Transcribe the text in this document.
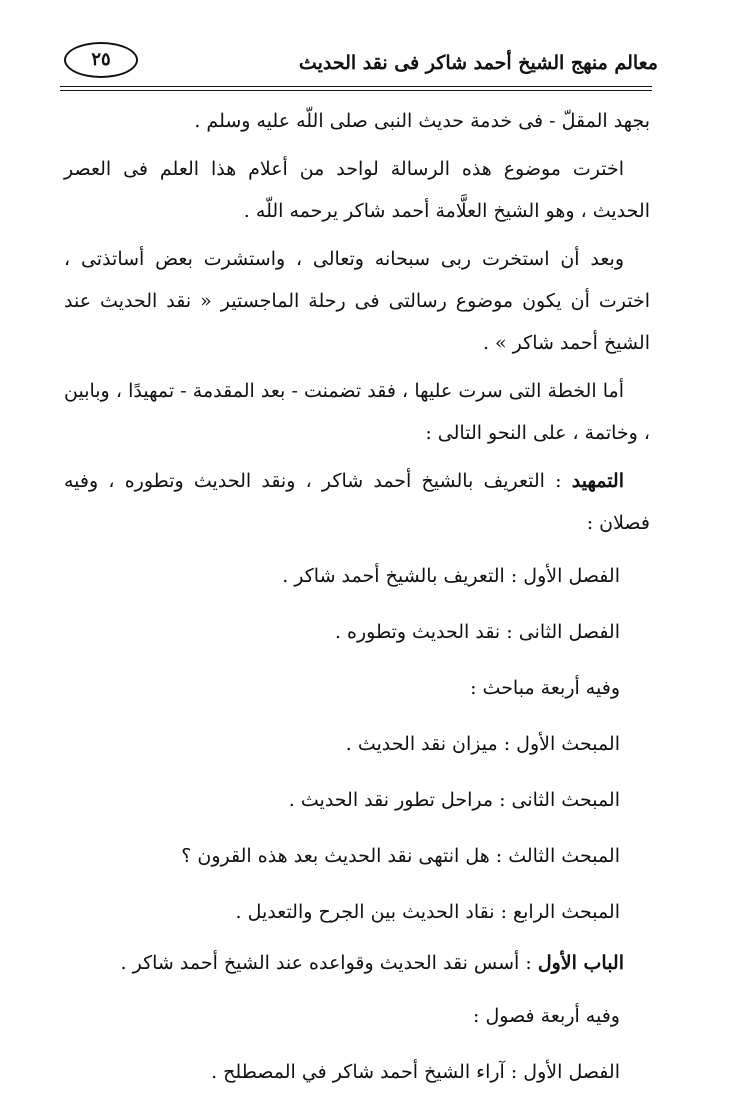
معالم منهج الشيخ أحمد شاكر فى نقد الحديث
٢٥

بجهد المقلّ - فى خدمة حديث النبى صلى اللّه عليه وسلم .

اخترت موضوع هذه الرسالة لواحد من أعلام هذا العلم فى العصر الحديث ، وهو الشيخ العلَّامة أحمد شاكر يرحمه اللّه .

وبعد أن استخرت ربى سبحانه وتعالى ، واستشرت بعض أساتذتى ، اخترت أن يكون موضوع رسالتى فى رحلة الماجستير « نقد الحديث عند الشيخ أحمد شاكر » .

أما الخطة التى سرت عليها ، فقد تضمنت - بعد المقدمة - تمهيدًا ، وبابين ، وخاتمة ، على النحو التالى :

التمهيد : التعريف بالشيخ أحمد شاكر ، ونقد الحديث وتطوره ، وفيه فصلان :

الفصل الأول : التعريف بالشيخ أحمد شاكر .

الفصل الثانى : نقد الحديث وتطوره .

وفيه أربعة مباحث :

المبحث الأول : ميزان نقد الحديث .

المبحث الثانى : مراحل تطور نقد الحديث .

المبحث الثالث : هل انتهى نقد الحديث بعد هذه القرون ؟

المبحث الرابع : نقاد الحديث بين الجرح والتعديل .

الباب الأول : أسس نقد الحديث وقواعده عند الشيخ أحمد شاكر .

وفيه أربعة فصول :

الفصل الأول : آراء الشيخ أحمد شاكر في المصطلح .
